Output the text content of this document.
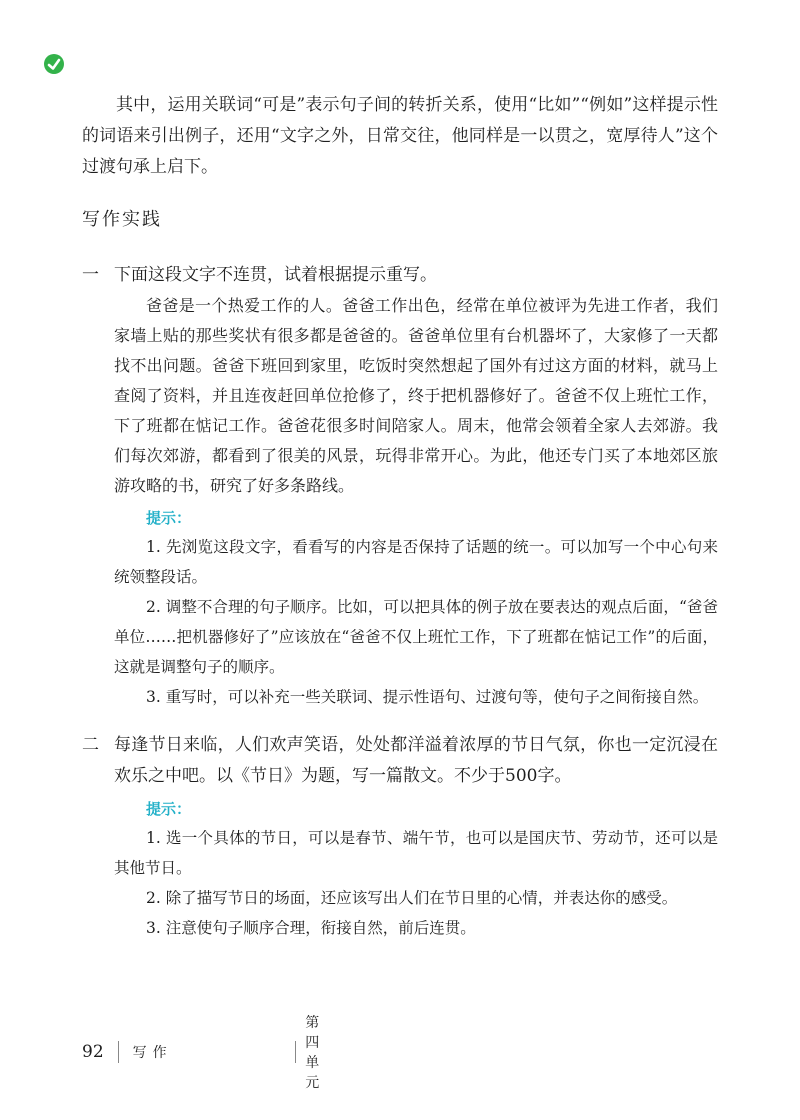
其中，运用关联词“可是”表示句子间的转折关系，使用“比如”“例如”这样提示性的词语来引出例子，还用“文字之外，日常交往，他同样是一以贯之，宽厚待人”这个过渡句承上启下。

写作实践
一 下面这段文字不连贯，试着根据提示重写。

爸爸是一个热爱工作的人。爸爸工作出色，经常在单位被评为先进工作者，我们家墙上贴的那些奖状有很多都是爸爸的。爸爸单位里有台机器坏了，大家修了一天都找不出问题。爸爸下班回到家里，吃饭时突然想起了国外有过这方面的材料，就马上查阅了资料，并且连夜赶回单位抢修了，终于把机器修好了。爸爸不仅上班忙工作，下了班都在惦记工作。爸爸花很多时间陪家人。周末，他常会领着全家人去郊游。我们每次郊游，都看到了很美的风景，玩得非常开心。为此，他还专门买了本地郊区旅游攻略的书，研究了好多条路线。

提示：

1. 先浏览这段文字，看看写的内容是否保持了话题的统一。可以加写一个中心句来统领整段话。

2. 调整不合理的句子顺序。比如，可以把具体的例子放在要表达的观点后面，“爸爸单位……把机器修好了”应该放在“爸爸不仅上班忙工作，下了班都在惦记工作”的后面，这就是调整句子的顺序。

3. 重写时，可以补充一些关联词、提示性语句、过渡句等，使句子之间衔接自然。

二 每逢节日来临，人们欢声笑语，处处都洋溢着浓厚的节日气氛，你也一定沉浸在欢乐之中吧。以《节日》为题，写一篇散文。不少于500字。

提示：

1. 选一个具体的节日，可以是春节、端午节，也可以是国庆节、劳动节，还可以是其他节日。

2. 除了描写节日的场面，还应该写出人们在节日里的心情，并表达你的感受。

3. 注意使句子顺序合理，衔接自然，前后连贯。

92 写作
第四单元
